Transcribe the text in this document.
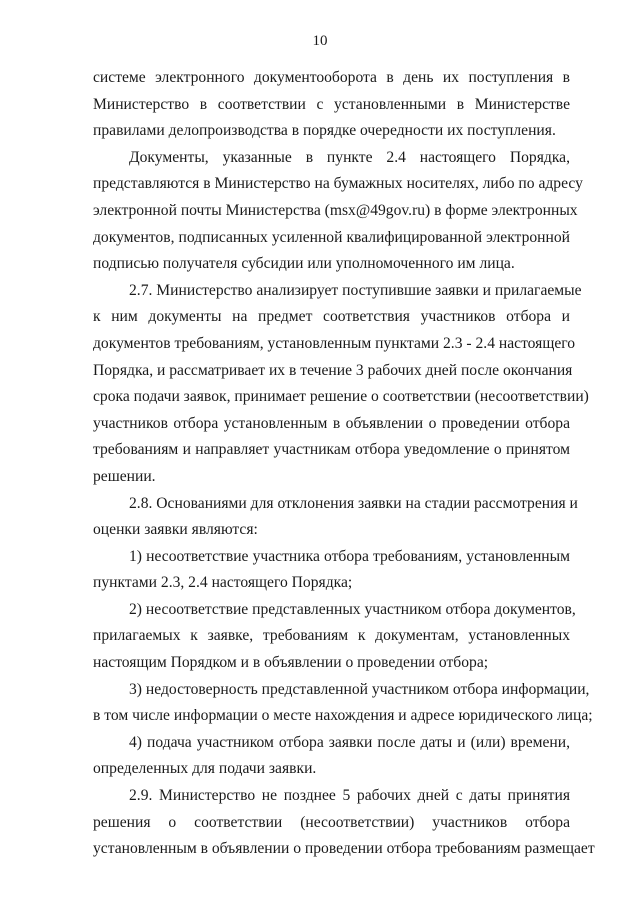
10
системе электронного документооборота в день их поступления в
Министерство в соответствии с установленными в Министерстве
правилами делопроизводства в порядке очередности их поступления.
Документы, указанные в пункте 2.4 настоящего Порядка,
представляются в Министерство на бумажных носителях, либо по адресу
электронной почты Министерства (msx@49gov.ru) в форме электронных
документов, подписанных усиленной квалифицированной электронной
подписью получателя субсидии или уполномоченного им лица.
2.7. Министерство анализирует поступившие заявки и прилагаемые
к ним документы на предмет соответствия участников отбора и
документов требованиям, установленным пунктами 2.3 - 2.4 настоящего
Порядка, и рассматривает их в течение 3 рабочих дней после окончания
срока подачи заявок, принимает решение о соответствии (несоответствии)
участников отбора установленным в объявлении о проведении отбора
требованиям и направляет участникам отбора уведомление о принятом
решении.
2.8. Основаниями для отклонения заявки на стадии рассмотрения и
оценки заявки являются:
1) несоответствие участника отбора требованиям, установленным
пунктами 2.3, 2.4 настоящего Порядка;
2) несоответствие представленных участником отбора документов,
прилагаемых к заявке, требованиям к документам, установленных
настоящим Порядком и в объявлении о проведении отбора;
3) недостоверность представленной участником отбора информации,
в том числе информации о месте нахождения и адресе юридического лица;
4) подача участником отбора заявки после даты и (или) времени,
определенных для подачи заявки.
2.9. Министерство не позднее 5 рабочих дней с даты принятия
решения о соответствии (несоответствии) участников отбора
установленным в объявлении о проведении отбора требованиям размещает
